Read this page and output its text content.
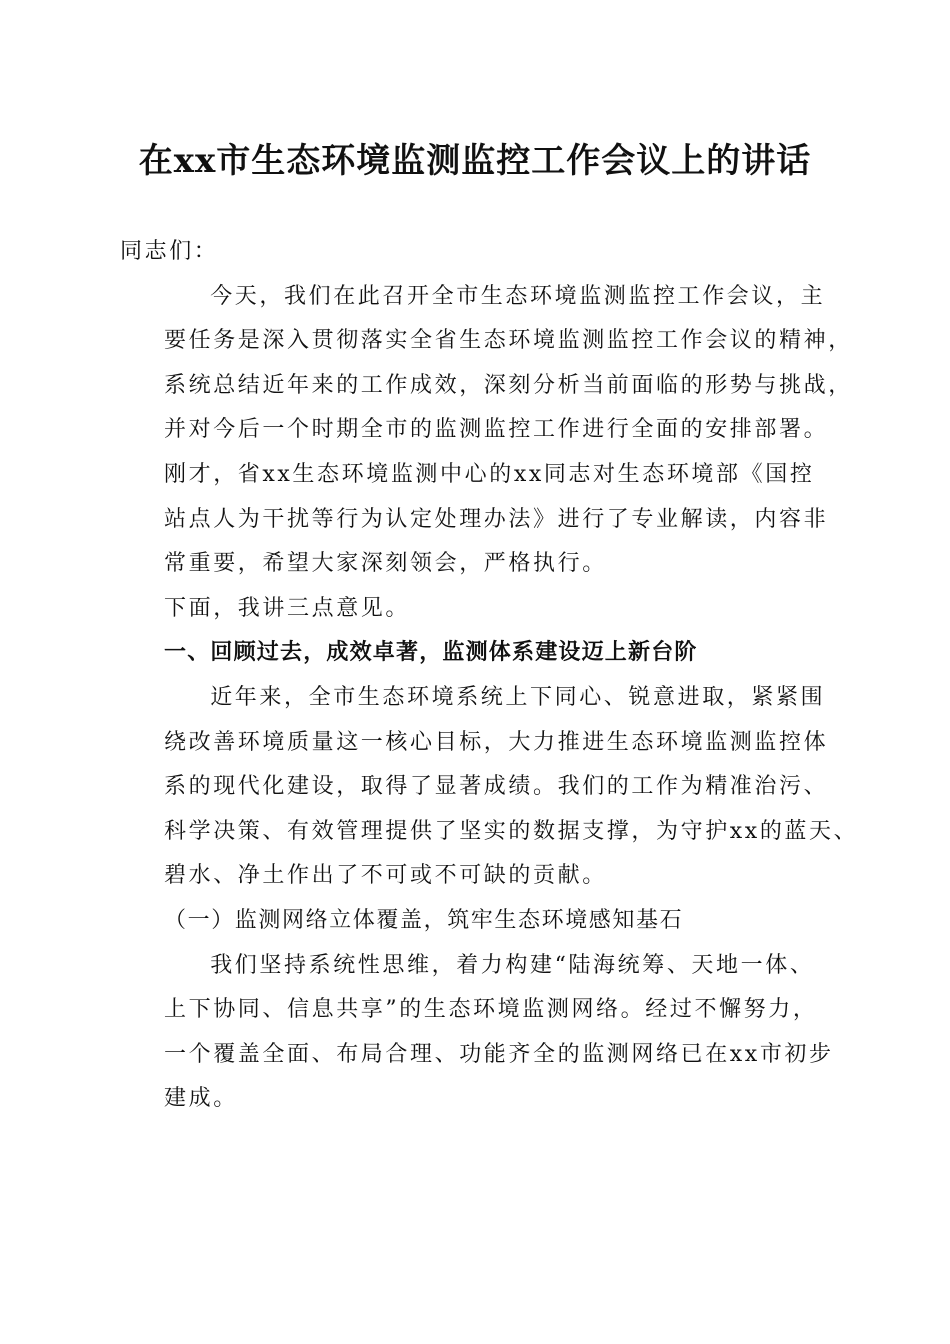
在xx市生态环境监测监控工作会议上的讲话

同志们：

今天，我们在此召开全市生态环境监测监控工作会议，主
要任务是深入贯彻落实全省生态环境监测监控工作会议的精神，
系统总结近年来的工作成效，深刻分析当前面临的形势与挑战，
并对今后一个时期全市的监测监控工作进行全面的安排部署。
刚才，省xx生态环境监测中心的xx同志对生态环境部《国控
站点人为干扰等行为认定处理办法》进行了专业解读，内容非
常重要，希望大家深刻领会，严格执行。

下面，我讲三点意见。

一、回顾过去，成效卓著，监测体系建设迈上新台阶

近年来，全市生态环境系统上下同心、锐意进取，紧紧围
绕改善环境质量这一核心目标，大力推进生态环境监测监控体
系的现代化建设，取得了显著成绩。我们的工作为精准治污、
科学决策、有效管理提供了坚实的数据支撑，为守护xx的蓝天、
碧水、净土作出了不可或不可缺的贡献。

（一）监测网络立体覆盖，筑牢生态环境感知基石

我们坚持系统性思维，着力构建“陆海统筹、天地一体、
上下协同、信息共享”的生态环境监测网络。经过不懈努力，
一个覆盖全面、布局合理、功能齐全的监测网络已在xx市初步
建成。
